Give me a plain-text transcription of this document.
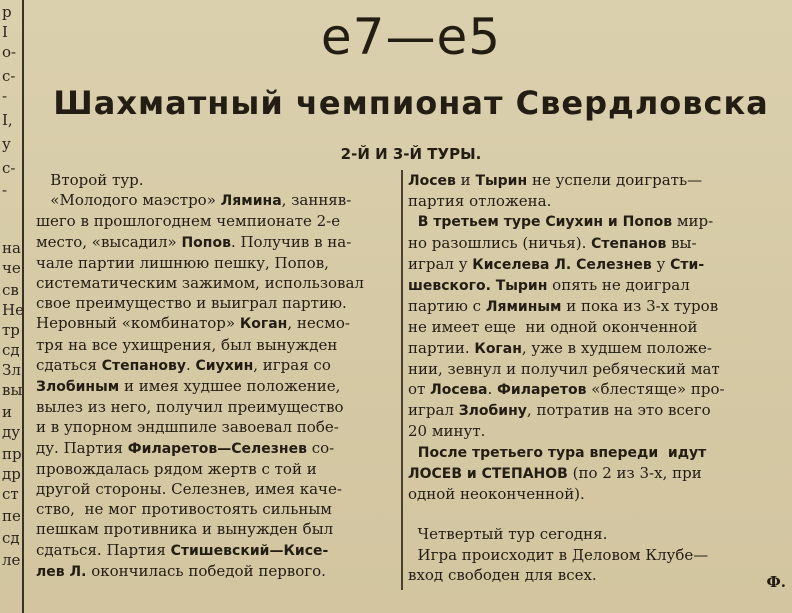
р
І
о-
с-
-
І,
у
с-
-
на
че
св
Не
тр
сд
Зл
вы
и
ду
пр
др
ст
пе
сд
ле
е7—е5
Шахматный чемпионат Свердловска
2-Й И 3-Й ТУРЫ.
Второй тур.
«Молодого маэстро» Лямина, занняв-
шего в прошлогоднем чемпионате 2-е
место, «высадил» Попов. Получив в на-
чале партии лишнюю пешку, Попов,
систематическим зажимом, использовал
свое преимущество и выиграл партию.
Неровный «комбинатор» Коган, несмо-
тря на все ухищрения, был вынужден
сдаться Степанову. Сиухин, играя со
Злобиным и имея худшее положение,
вылез из него, получил преимущество
и в упорном эндшпиле завоевал побе-
ду. Партия Филаретов—Селезнев со-
провождалась рядом жертв с той и
другой стороны. Селезнев, имея каче-
ство,  не мог противостоять сильным
пешкам противника и вынужден был
сдаться. Партия Стишевский—Кисе-
лев Л. окончилась победой первого.
Лосев и Тырин не успели доиграть—
партия отложена.
В третьем туре Сиухин и Попов мир-
но разошлись (ничья). Степанов вы-
играл у Киселева Л. Селезнев у Сти-
шевского. Тырин опять не доиграл
партию с Ляминым и пока из 3-х туров
не имеет еще  ни одной оконченной
партии. Коган, уже в худшем положе-
нии, зевнул и получил ребяческий мат
от Лосева. Филаретов «блестяще» про-
играл Злобину, потратив на это всего
20 минут.
После третьего тура впереди  идут
ЛОСЕВ и СТЕПАНОВ (по 2 из 3-х, при
одной неоконченной).

Четвертый тур сегодня.
Игра происходит в Деловом Клубе—
вход свободен для всех.	Ф.
